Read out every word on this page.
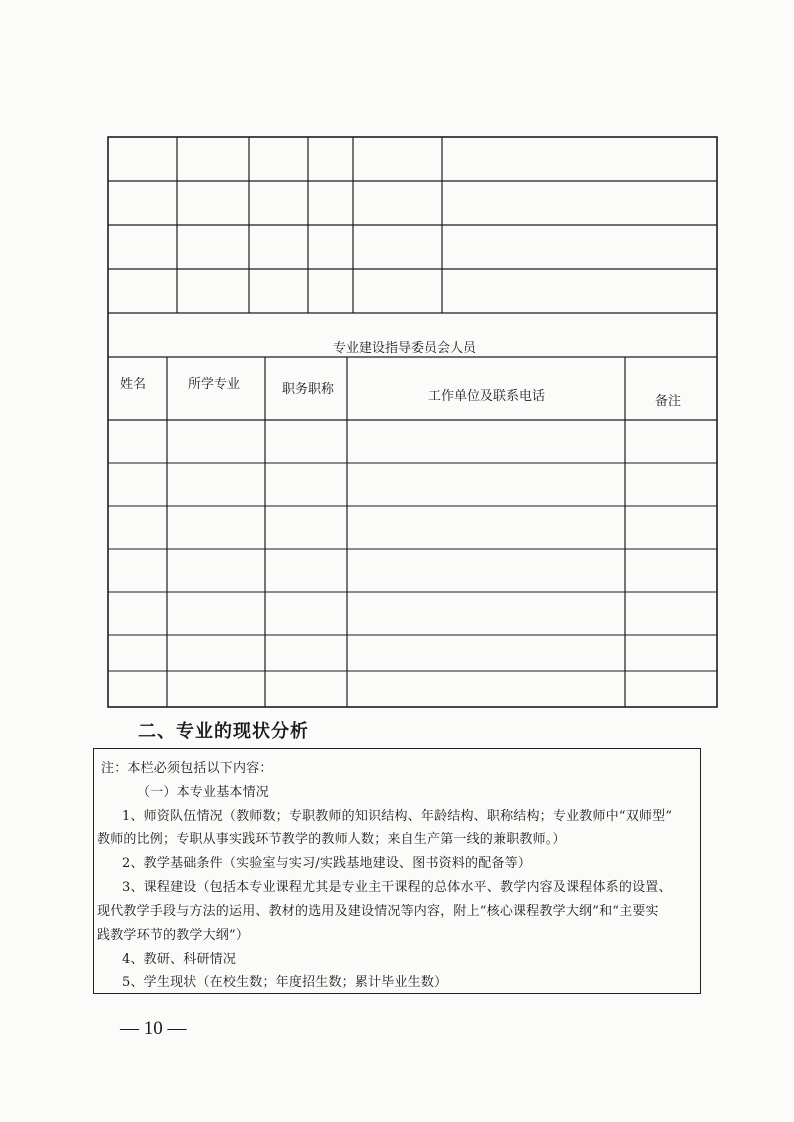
专业建设指导委员会人员
姓名	所学专业	职务职称	工作单位及联系电话	备注
二、专业的现状分析
注：本栏必须包括以下内容：
（一）本专业基本情况
1、师资队伍情况（教师数；专职教师的知识结构、年龄结构、职称结构；专业教师中“双师型”
教师的比例；专职从事实践环节教学的教师人数；来自生产第一线的兼职教师。）
2、教学基础条件（实验室与实习/实践基地建设、图书资料的配备等）
3、课程建设（包括本专业课程尤其是专业主干课程的总体水平、教学内容及课程体系的设置、
现代教学手段与方法的运用、教材的选用及建设情况等内容，附上“核心课程教学大纲”和“主要实
践教学环节的教学大纲”）
4、教研、科研情况
5、学生现状（在校生数；年度招生数；累计毕业生数）
— 10 —
